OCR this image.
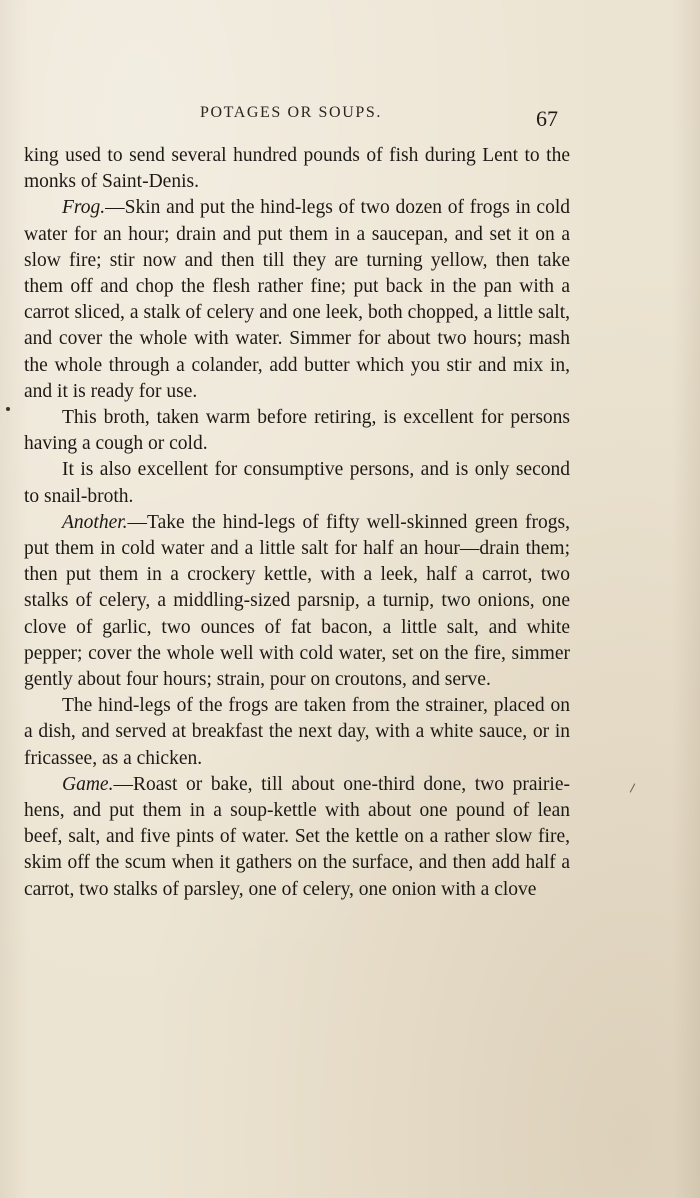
POTAGES OR SOUPS.	67

king used to send several hundred pounds of fish during Lent to the monks of Saint-Denis.

Frog.—Skin and put the hind-legs of two dozen of frogs in cold water for an hour; drain and put them in a saucepan, and set it on a slow fire; stir now and then till they are turning yellow, then take them off and chop the flesh rather fine; put back in the pan with a carrot sliced, a stalk of celery and one leek, both chopped, a little salt, and cover the whole with water. Simmer for about two hours; mash the whole through a colander, add butter which you stir and mix in, and it is ready for use.

This broth, taken warm before retiring, is excellent for persons having a cough or cold.

It is also excellent for consumptive persons, and is only second to snail-broth.

Another.—Take the hind-legs of fifty well-skinned green frogs, put them in cold water and a little salt for half an hour—drain them; then put them in a crockery kettle, with a leek, half a carrot, two stalks of celery, a middling-sized parsnip, a turnip, two onions, one clove of garlic, two ounces of fat bacon, a little salt, and white pepper; cover the whole well with cold water, set on the fire, simmer gently about four hours; strain, pour on croutons, and serve.

The hind-legs of the frogs are taken from the strainer, placed on a dish, and served at breakfast the next day, with a white sauce, or in fricassee, as a chicken.

Game.—Roast or bake, till about one-third done, two prairie-hens, and put them in a soup-kettle with about one pound of lean beef, salt, and five pints of water. Set the kettle on a rather slow fire, skim off the scum when it gathers on the surface, and then add half a carrot, two stalks of parsley, one of celery, one onion with a clove
